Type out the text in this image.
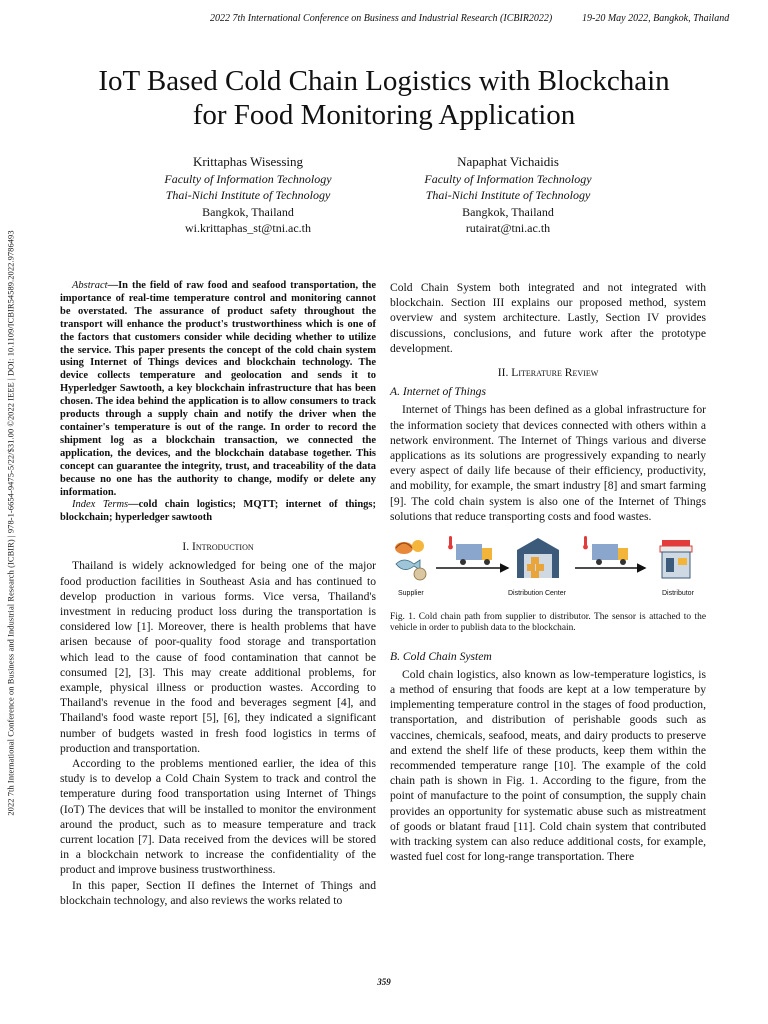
2022 7th International Conference on Business and Industrial Research (ICBIR2022)	19-20 May 2022, Bangkok, Thailand
2022 7th International Conference on Business and Industrial Research (ICBIR) | 978-1-6654-9475-5/22/$31.00 ©2022 IEEE | DOI: 10.1109/ICBIR54589.2022.9786493
IoT Based Cold Chain Logistics with Blockchain
for Food Monitoring Application
Krittaphas Wisessing
Faculty of Information Technology
Thai-Nichi Institute of Technology
Bangkok, Thailand
wi.krittaphas_st@tni.ac.th
Napaphat Vichaidis
Faculty of Information Technology
Thai-Nichi Institute of Technology
Bangkok, Thailand
rutairat@tni.ac.th

Abstract—In the field of raw food and seafood transportation, the importance of real-time temperature control and monitoring cannot be overstated. The assurance of product safety throughout the transport will enhance the product's trustworthiness which is one of the factors that customers consider while deciding whether to utilize the service. This paper presents the concept of the cold chain system using Internet of Things devices and blockchain technology. The device collects temperature and geolocation and sends it to Hyperledger Sawtooth, a key blockchain infrastructure that has been chosen. The idea behind the application is to allow consumers to track products through a supply chain and notify the driver when the container's temperature is out of the range. In order to record the shipment log as a blockchain transaction, we connected the application, the devices, and the blockchain database together. This concept can guarantee the integrity, trust, and traceability of the data because no one has the authority to change, modify or delete any information.

Index Terms—cold chain logistics; MQTT; internet of things; blockchain; hyperledger sawtooth

I. Introduction

Thailand is widely acknowledged for being one of the major food production facilities in Southeast Asia and has continued to develop production in various forms. Vice versa, Thailand's investment in reducing product loss during the transportation is considered low [1]. Moreover, there is health problems that have arisen because of poor-quality food storage and transportation which lead to the cause of food contamination that cannot be consumed [2], [3]. This may create additional problems, for example, physical illness or production wastes. According to Thailand's revenue in the food and beverages segment [4], and Thailand's food waste report [5], [6], they indicated a significant number of budgets wasted in fresh food logistics in terms of production and transportation.

According to the problems mentioned earlier, the idea of this study is to develop a Cold Chain System to track and control the temperature during food transportation using Internet of Things (IoT) The devices that will be installed to monitor the environment around the product, such as to measure temperature and track current location [7]. Data received from the devices will be stored in a blockchain network to increase the confidentiality of the product and improve business trustworthiness.

In this paper, Section II defines the Internet of Things and blockchain technology, and also reviews the works related to

Cold Chain System both integrated and not integrated with blockchain. Section III explains our proposed method, system overview and system architecture. Lastly, Section IV provides discussions, conclusions, and future work after the prototype development.

II. Literature Review
A. Internet of Things

Internet of Things has been defined as a global infrastructure for the information society that devices connected with others within a network environment. The Internet of Things various and diverse applications as its solutions are progressively expanding to nearly every aspect of daily life because of their efficiency, productivity, and mobility, for example, the smart industry [8] and smart farming [9]. The cold chain system is also one of the Internet of Things solutions that reduce transporting costs and food wastes.

Supplier	Distribution Center	Distributor
Fig. 1. Cold chain path from supplier to distributor. The sensor is attached to the vehicle in order to publish data to the blockchain.
B. Cold Chain System

Cold chain logistics, also known as low-temperature logistics, is a method of ensuring that foods are kept at a low temperature by implementing temperature control in the stages of food production, transportation, and distribution of perishable goods such as vaccines, chemicals, seafood, meats, and dairy products to preserve and extend the shelf life of these products, keep them within the recommended temperature range [10]. The example of the cold chain path is shown in Fig. 1. According to the figure, from the point of manufacture to the point of consumption, the supply chain provides an opportunity for systematic abuse such as mistreatment of goods or blatant fraud [11]. Cold chain system that contributed with tracking system can also reduce additional costs, for example, wasted fuel cost for long-range transportation. There

359
